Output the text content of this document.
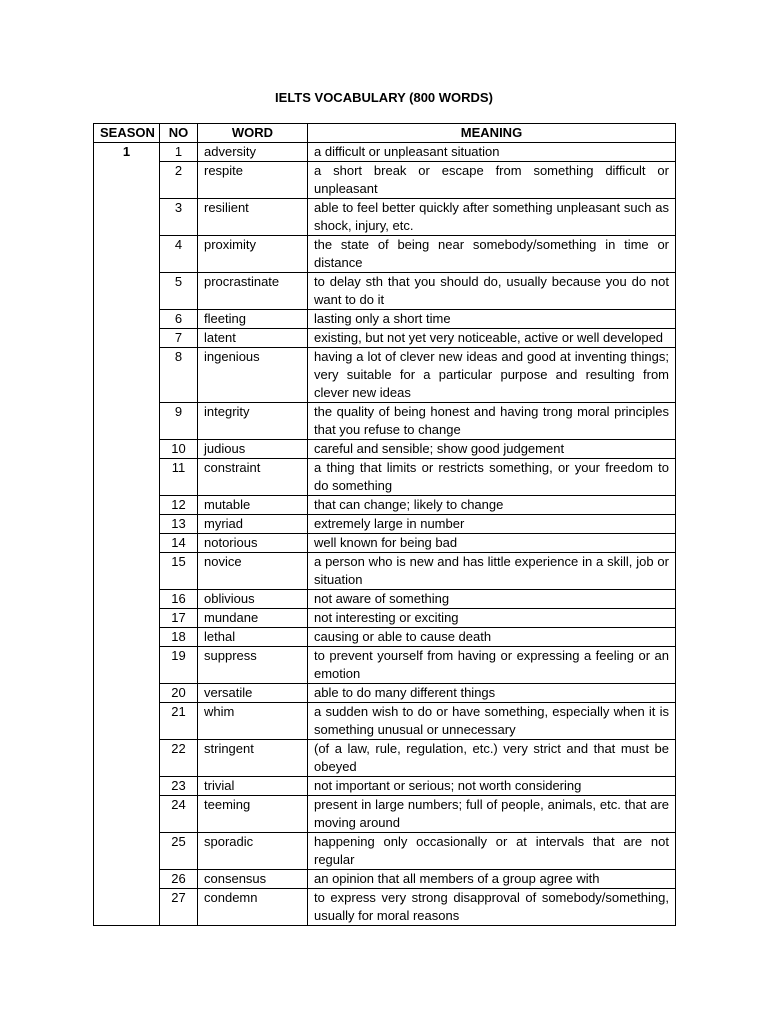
IELTS VOCABULARY (800 WORDS)
SEASON	NO	WORD	MEANING
1	1	adversity	a difficult or unpleasant situation
	2	respite	a short break or escape from something difficult or unpleasant
	3	resilient	able to feel better quickly after something unpleasant such as shock, injury, etc.
	4	proximity	the state of being near somebody/something in time or distance
	5	procrastinate	to delay sth that you should do, usually because you do not want to do it
	6	fleeting	lasting only a short time
	7	latent	existing, but not yet very noticeable, active or well developed
	8	ingenious	having a lot of clever new ideas and good at inventing things; very suitable for a particular purpose and resulting from clever new ideas
	9	integrity	the quality of being honest and having trong moral principles that you refuse to change
	10	judious	careful and sensible; show good judgement
	11	constraint	a thing that limits or restricts something, or your freedom to do something
	12	mutable	that can change; likely to change
	13	myriad	extremely large in number
	14	notorious	well known for being bad
	15	novice	a person who is new and has little experience in a skill, job or situation
	16	oblivious	not aware of something
	17	mundane	not interesting or exciting
	18	lethal	causing or able to cause death
	19	suppress	to prevent yourself from having or expressing a feeling or an emotion
	20	versatile	able to do many different things
	21	whim	a sudden wish to do or have something, especially when it is something unusual or unnecessary
	22	stringent	(of a law, rule, regulation, etc.) very strict and that must be obeyed
	23	trivial	not important or serious; not worth considering
	24	teeming	present in large numbers; full of people, animals, etc. that are moving around
	25	sporadic	happening only occasionally or at intervals that are not regular
	26	consensus	an opinion that all members of a group agree with
	27	condemn	to express very strong disapproval of somebody/something, usually for moral reasons
